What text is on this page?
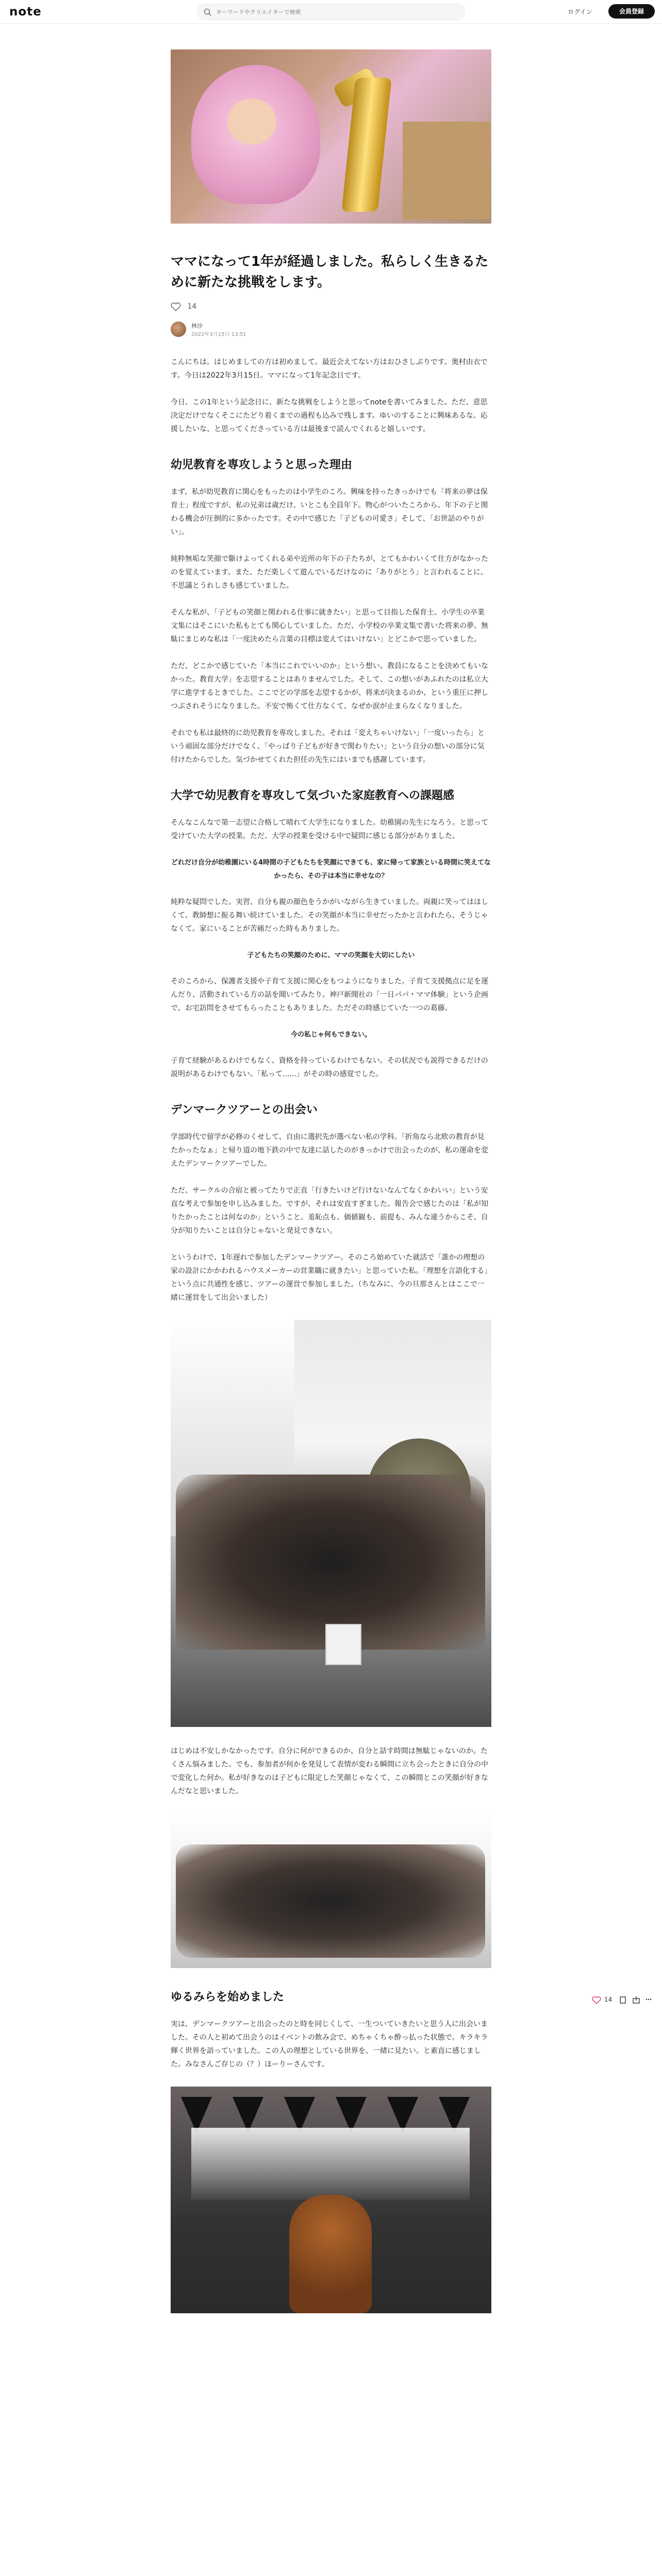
note
キーワードやクリエイターで検索	ログイン	会員登録
ママになって1年が経過しました。私らしく生きるために新たな挑戦をします。
14
林沙
2022年3月15日 13:51

こんにちは。はじめましての方は初めまして。最近会えてない方はおひさしぶりです。奥村由衣です。今日は2022年3月15日。ママになって1年記念日です。

今日、この1年という記念日に、新たな挑戦をしようと思ってnoteを書いてみました。ただ、意思決定だけでなくそこにたどり着くまでの過程も込みで残します。ゆいのすることに興味あるな、応援したいな、と思ってくださっている方は最後まで読んでくれると嬉しいです。

幼児教育を専攻しようと思った理由

まず、私が幼児教育に関心をもったのは小学生のころ。興味を持ったきっかけでも「将来の夢は保育士」程度ですが、私の兄弟は歳だけ、いとこも全員年下。物心がついたころから、年下の子と関わる機会が圧倒的に多かったです。その中で感じた「子どもの可愛さ」そして、「お世話のやりがい」。

純粋無垢な笑顔で駆けよってくれる弟や近所の年下の子たちが、とてもかわいくて仕方がなかったのを覚えています。また、ただ楽しくて遊んでいるだけなのに「ありがとう」と言われることに、不思議とうれしさも感じていました。

そんな私が、「子どもの笑顔と関われる仕事に就きたい」と思って目指した保育士。小学生の卒業文集にはそこにいた私もとても関心していました。ただ、小学校の卒業文集で書いた将来の夢。無駄にまじめな私は「一度決めたら言葉の目標は変えてはいけない」とどこかで思っていました。

ただ、どこかで感じていた「本当にこれでいいのか」という想い。教員になることを決めてもいなかった。教育大学」を志望することはありませんでした。そして、この想いがあふれたのは私立大学に進学するときでした。ここでどの学部を志望するかが、将来が決まるのか、という重圧に押しつぶされそうになりました。不安で怖くて仕方なくて、なぜか涙が止まらなくなりました。

それでも私は最終的に幼児教育を専攻しました。それは「変えちゃいけない」「一度いったら」という頑固な部分だけでなく、「やっぱり子どもが好きで関わりたい」という自分の想いの部分に気付けたからでした。気づかせてくれた担任の先生にはいまでも感謝しています。

大学で幼児教育を専攻して気づいた家庭教育への課題感

そんなこんなで第一志望に合格して晴れて大学生になりました。幼稚園の先生になろう。と思って受けていた大学の授業。ただ、大学の授業を受ける中で疑問に感じる部分がありました。

どれだけ自分が幼稚園にいる4時間の子どもたちを笑顔にできても、家に帰って家族といる時間に笑えてなかったら、その子は本当に幸せなの？

純粋な疑問でした。実習、自分も親の顔色をうかがいながら生きていました。両親に笑ってはほしくて、教師想に振る舞い続けていました。その笑顔が本当に幸せだったかと言われたら、そうじゃなくて。家にいることが苦痛だった時もありました。

子どもたちの笑顔のために、ママの笑顔を大切にしたい

そのころから、保護者支援や子育て支援に関心をもつようになりました。子育て支援拠点に足を運んだり、活動されている方の話を聞いてみたり。神戸新聞社の「一日パパ・ママ体験」という企画で、お宅訪問をさせてもらったこともありました。ただその時感じていた一つの葛藤。

今の私じゃ何もできない。

子育て経験があるわけでもなく、資格を持っているわけでもない。その状況でも説得できるだけの説明があるわけでもない。「私って......」がその時の感覚でした。

デンマークツアーとの出会い

学部時代で留学が必修のくせして、自由に選択先が選べない私の学科。「折角なら北欧の教育が見たかったなぁ」と帰り道の地下鉄の中で友達に話したのがきっかけで出会ったのが、私の運命を変えたデンマークツアーでした。

ただ、サークルの合宿と被ってたりで正直「行きたいけど行けないなんてなくかわいい」という安直な考えで参加を申し込みました。ですが、それは安直すぎました。報告会で感じたのは「私が知りたかったことは何なのか」ということ。羞恥点も、価値観も、前提も、みんな違うからこそ、自分が知りたいことは自分じゃないと発見できない。

というわけで、1年遅れで参加したデンマークツアー。そのころ始めていた就活で「誰かの理想の家の設計にかかわれるハウスメーカーの営業職に就きたい」と思っていた私。「理想を言語化する」という点に共通性を感じ、ツアーの運営で参加しました。（ちなみに、今の旦那さんとはここで一緒に運営をして出会いました）

はじめは不安しかなかったです。自分に何ができるのか、自分と話す時間は無駄じゃないのか。たくさん悩みました。でも、参加者が何かを発見して表情が変わる瞬間に立ち会ったときに自分の中で変化した何か。私が好きなのは子どもに限定した笑顔じゃなくて、この瞬間とこの笑顔が好きなんだなと思いました。

ゆるみらを始めました

実は、デンマークツアーと出会ったのと時を同じくして、一生ついていきたいと思う人に出会いました。その人と初めて出会うのはイベントの飲み会で、めちゃくちゃ酔っ払った状態で。キラキラ輝く世界を語っていました。この人の理想としている世界を、一緒に見たい。と素直に感じました。みなさんご存じの（？）ほーりーさんです。

14	⋯
